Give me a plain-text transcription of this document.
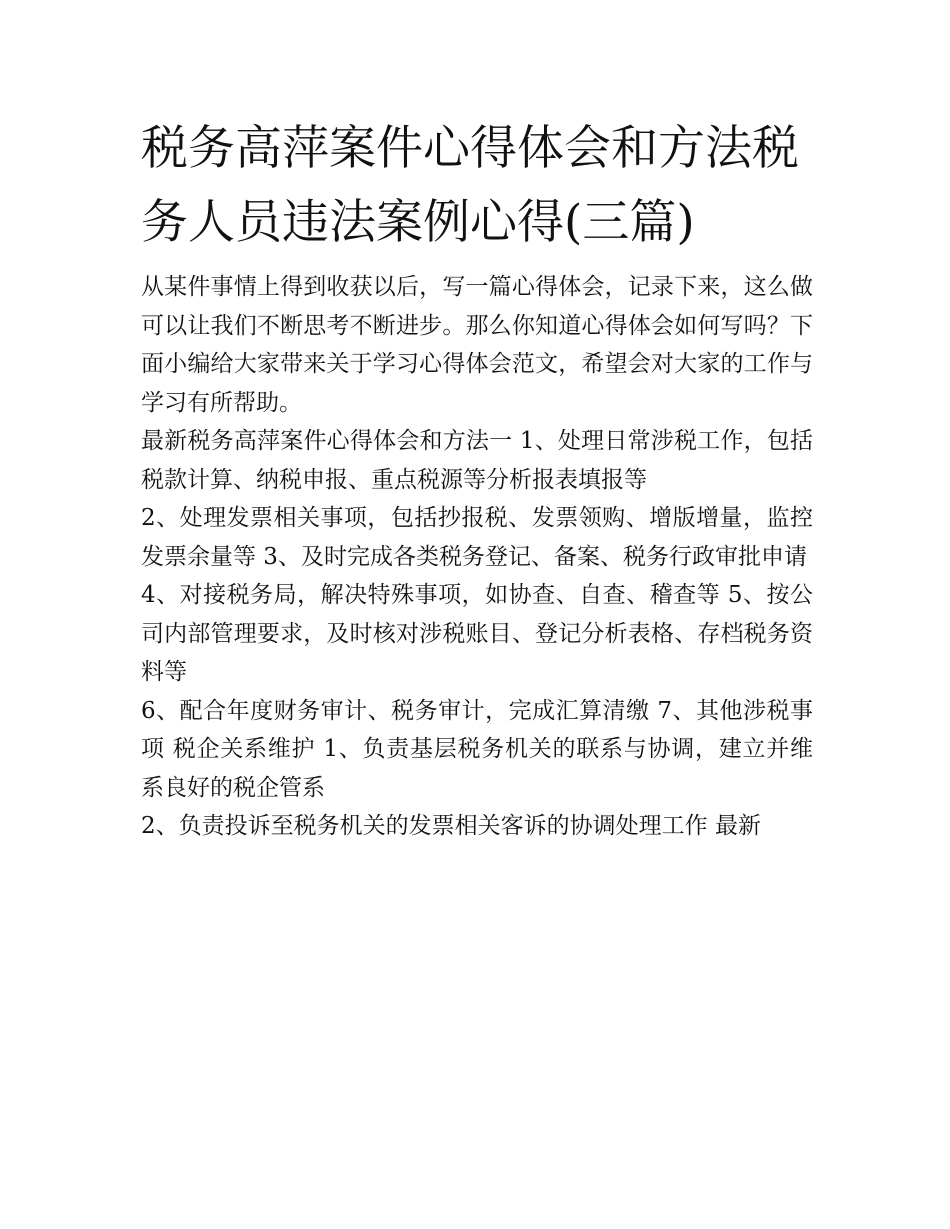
税务高萍案件心得体会和方法税务人员违法案例心得(三篇)

从某件事情上得到收获以后，写一篇心得体会，记录下来，这么做可以让我们不断思考不断进步。那么你知道心得体会如何写吗？下面小编给大家带来关于学习心得体会范文，希望会对大家的工作与学习有所帮助。

最新税务高萍案件心得体会和方法一 1、处理日常涉税工作，包括税款计算、纳税申报、重点税源等分析报表填报等

2、处理发票相关事项，包括抄报税、发票领购、增版增量，监控发票余量等 3、及时完成各类税务登记、备案、税务行政审批申请

4、对接税务局，解决特殊事项，如协查、自查、稽查等 5、按公司内部管理要求，及时核对涉税账目、登记分析表格、存档税务资料等

6、配合年度财务审计、税务审计，完成汇算清缴 7、其他涉税事项 税企关系维护 1、负责基层税务机关的联系与协调，建立并维系良好的税企管系

2、负责投诉至税务机关的发票相关客诉的协调处理工作 最新
